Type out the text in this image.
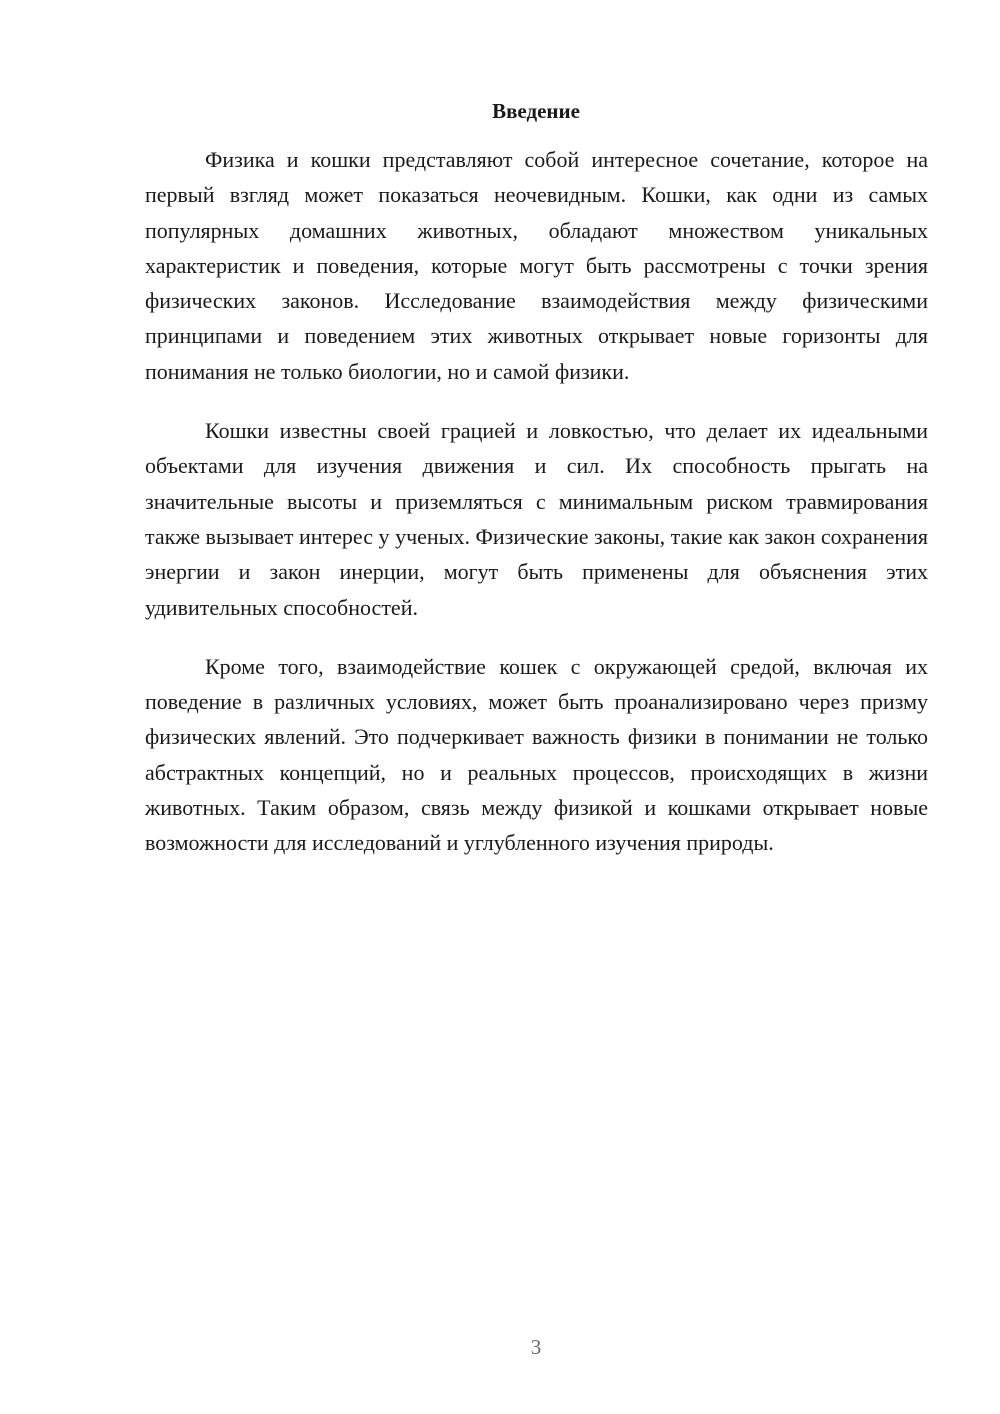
Введение

Физика и кошки представляют собой интересное сочетание, которое на первый взгляд может показаться неочевидным. Кошки, как одни из самых популярных домашних животных, обладают множеством уникальных характеристик и поведения, которые могут быть рассмотрены с точки зрения физических законов. Исследование взаимодействия между физическими принципами и поведением этих животных открывает новые горизонты для понимания не только биологии, но и самой физики.

Кошки известны своей грацией и ловкостью, что делает их идеальными объектами для изучения движения и сил. Их способность прыгать на значительные высоты и приземляться с минимальным риском травмирования также вызывает интерес у ученых. Физические законы, такие как закон сохранения энергии и закон инерции, могут быть применены для объяснения этих удивительных способностей.

Кроме того, взаимодействие кошек с окружающей средой, включая их поведение в различных условиях, может быть проанализировано через призму физических явлений. Это подчеркивает важность физики в понимании не только абстрактных концепций, но и реальных процессов, происходящих в жизни животных. Таким образом, связь между физикой и кошками открывает новые возможности для исследований и углубленного изучения природы.

3
